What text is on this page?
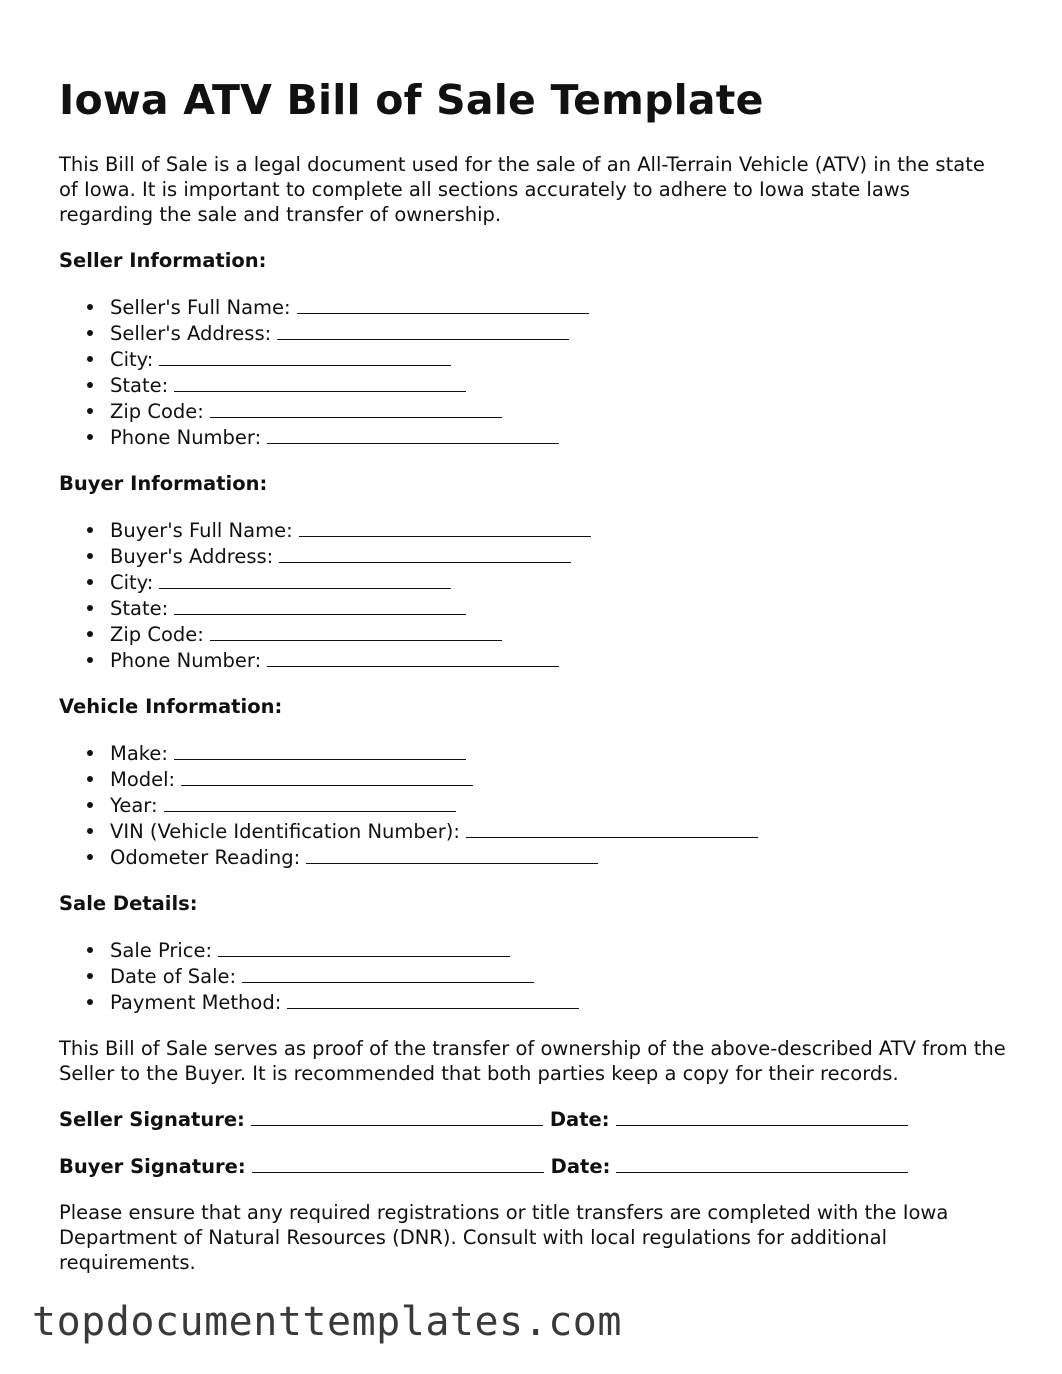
Iowa ATV Bill of Sale Template

This Bill of Sale is a legal document used for the sale of an All-Terrain Vehicle (ATV) in the state of Iowa. It is important to complete all sections accurately to adhere to Iowa state laws regarding the sale and transfer of ownership.

Seller Information:
Seller's Full Name:
Seller's Address:
City:
State:
Zip Code:
Phone Number:
Buyer Information:
Buyer's Full Name:
Buyer's Address:
City:
State:
Zip Code:
Phone Number:
Vehicle Information:
Make:
Model:
Year:
VIN (Vehicle Identification Number):
Odometer Reading:
Sale Details:
Sale Price:
Date of Sale:
Payment Method:

This Bill of Sale serves as proof of the transfer of ownership of the above-described ATV from the Seller to the Buyer. It is recommended that both parties keep a copy for their records.

Seller Signature:	Date:
Buyer Signature:	Date:

Please ensure that any required registrations or title transfers are completed with the Iowa Department of Natural Resources (DNR). Consult with local regulations for additional requirements.

topdocumenttemplates.com
